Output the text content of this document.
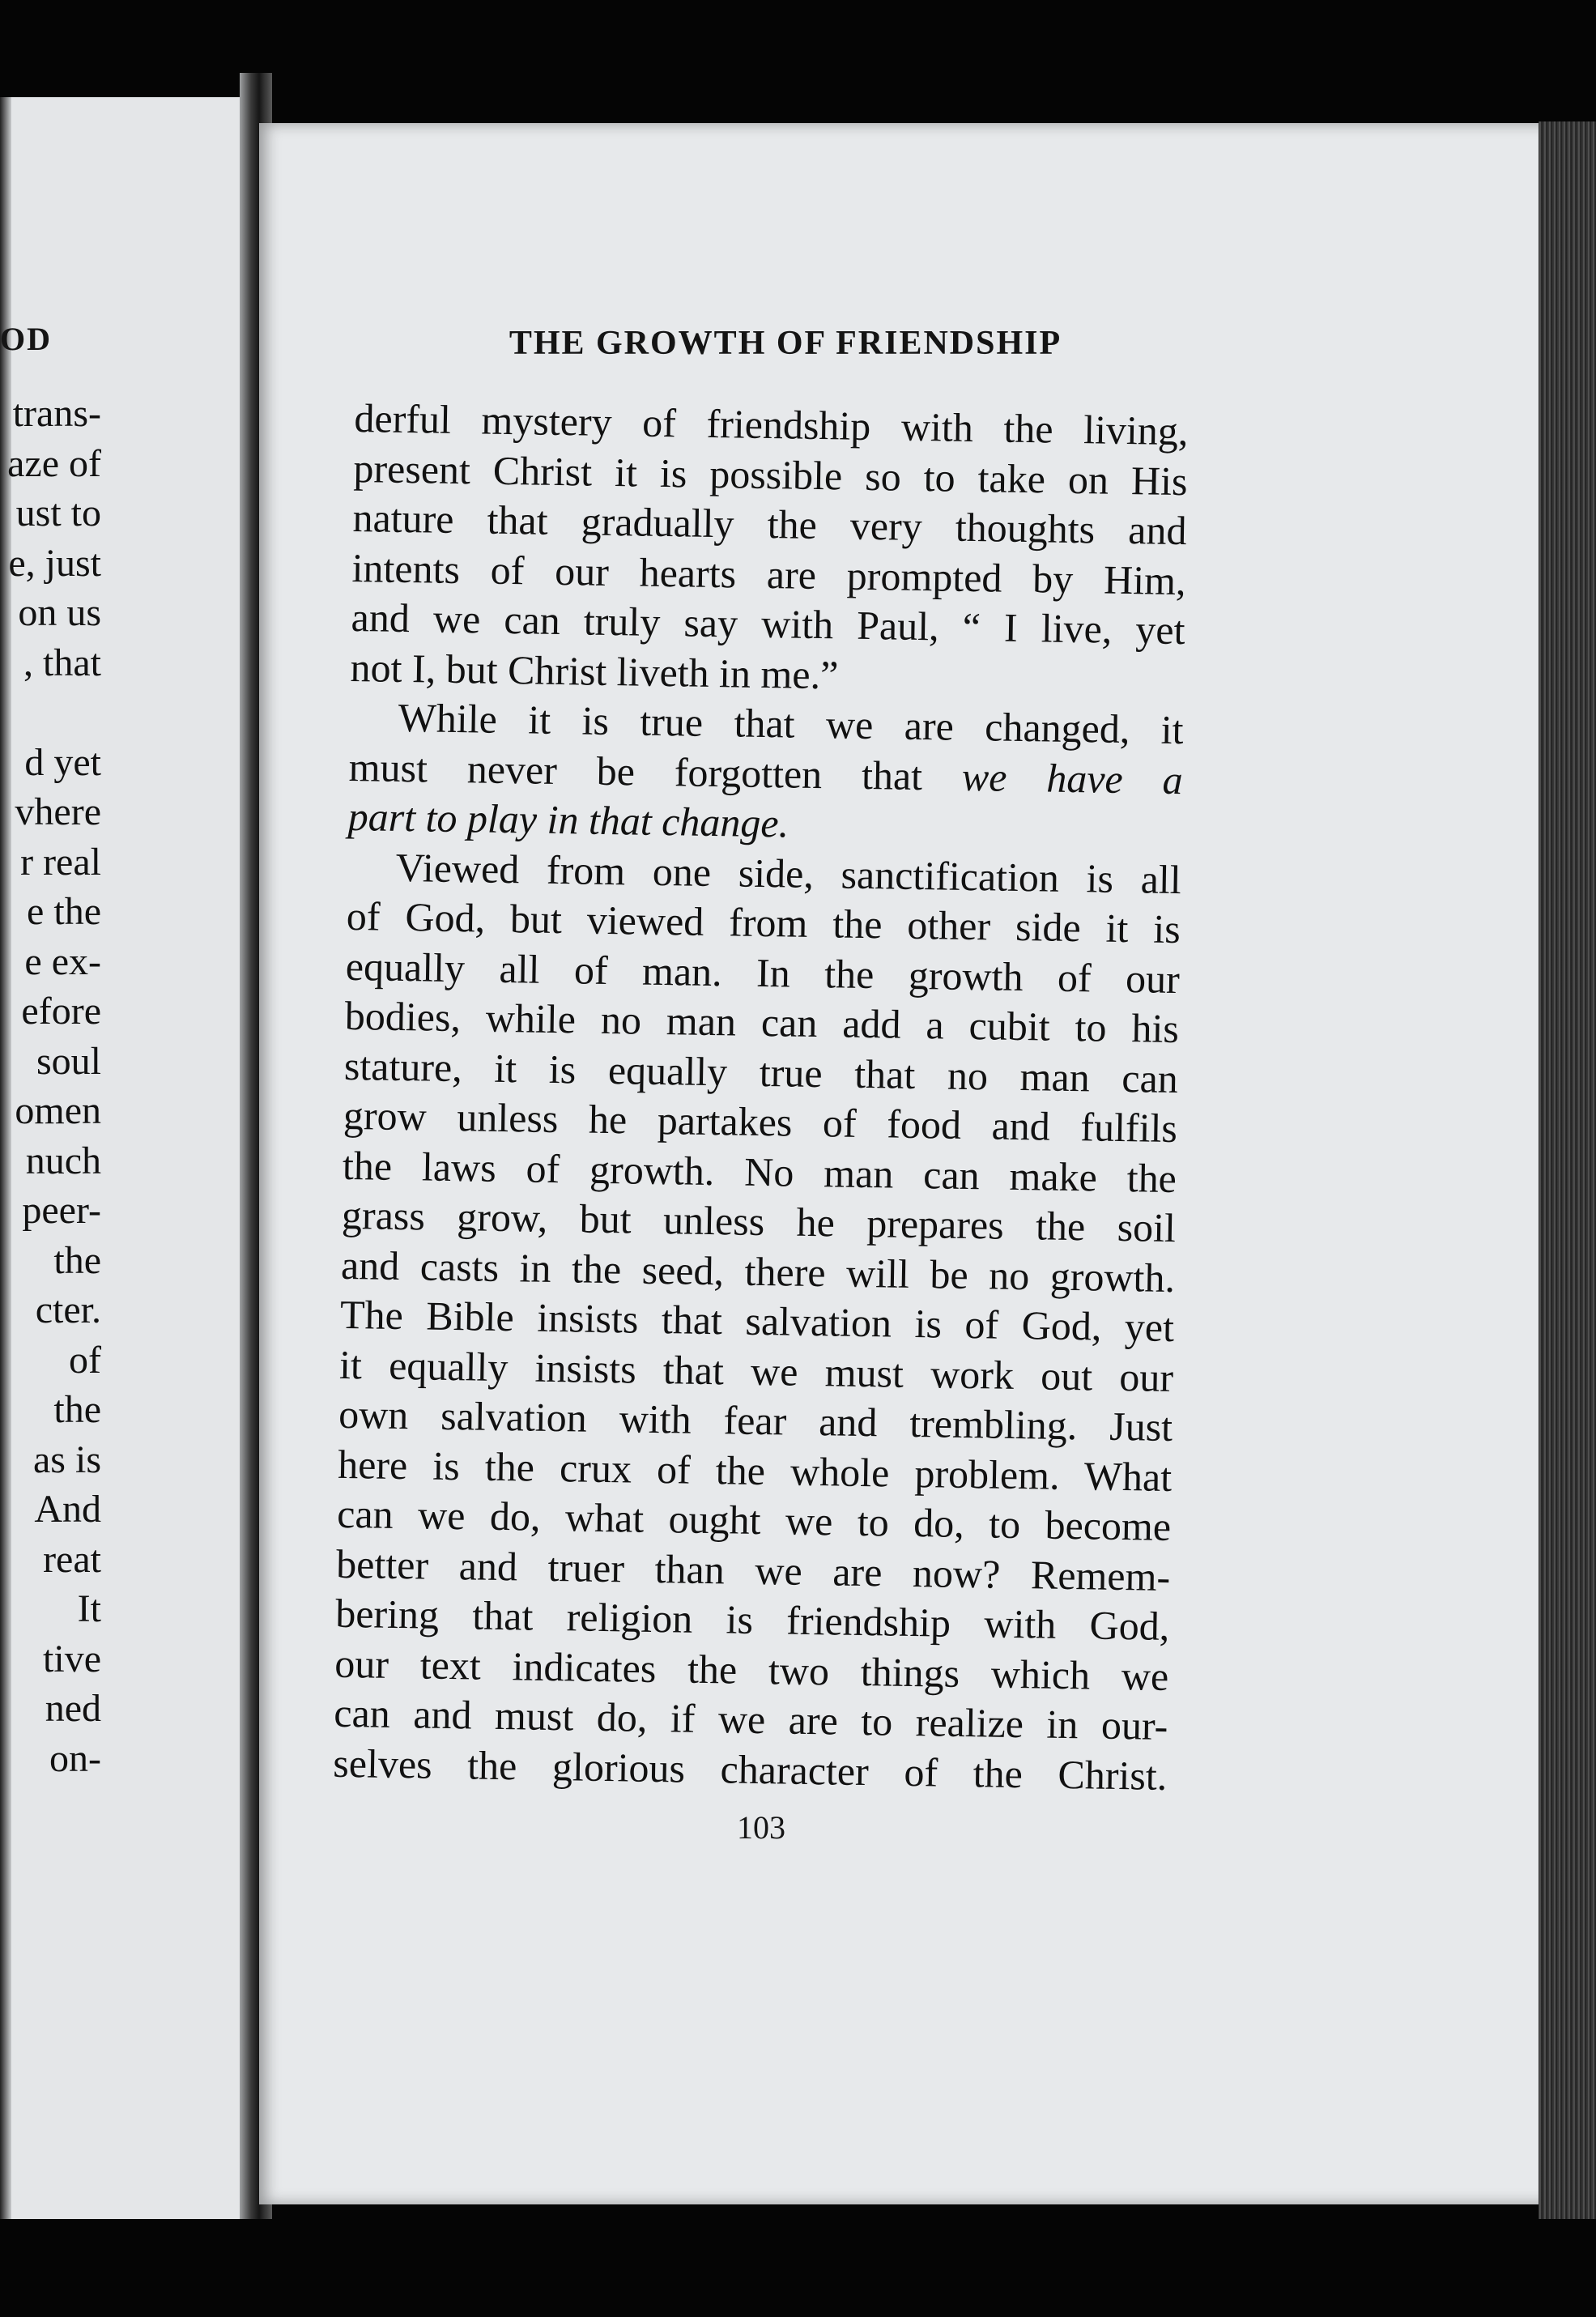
OD
trans-
aze of
ust to
e, just
on us
, that
d yet
vhere
r real
e the
e ex-
efore
soul
omen
nuch
peer-
the
cter.
of
the
as is
And
reat
It
tive
ned
on-
THE GROWTH OF FRIENDSHIP
derful mystery of friendship with the living,
present Christ it is possible so to take on His
nature that gradually the very thoughts and
intents of our hearts are prompted by Him,
and we can truly say with Paul, “ I live, yet
not I, but Christ liveth in me.”
While it is true that we are changed, it
must never be forgotten that we have a
part to play in that change.
Viewed from one side, sanctification is all
of God, but viewed from the other side it is
equally all of man. In the growth of our
bodies, while no man can add a cubit to his
stature, it is equally true that no man can
grow unless he partakes of food and fulfils
the laws of growth. No man can make the
grass grow, but unless he prepares the soil
and casts in the seed, there will be no growth.
The Bible insists that salvation is of God, yet
it equally insists that we must work out our
own salvation with fear and trembling. Just
here is the crux of the whole problem. What
can we do, what ought we to do, to become
better and truer than we are now? Remem-
bering that religion is friendship with God,
our text indicates the two things which we
can and must do, if we are to realize in our-
selves the glorious character of the Christ.
103
